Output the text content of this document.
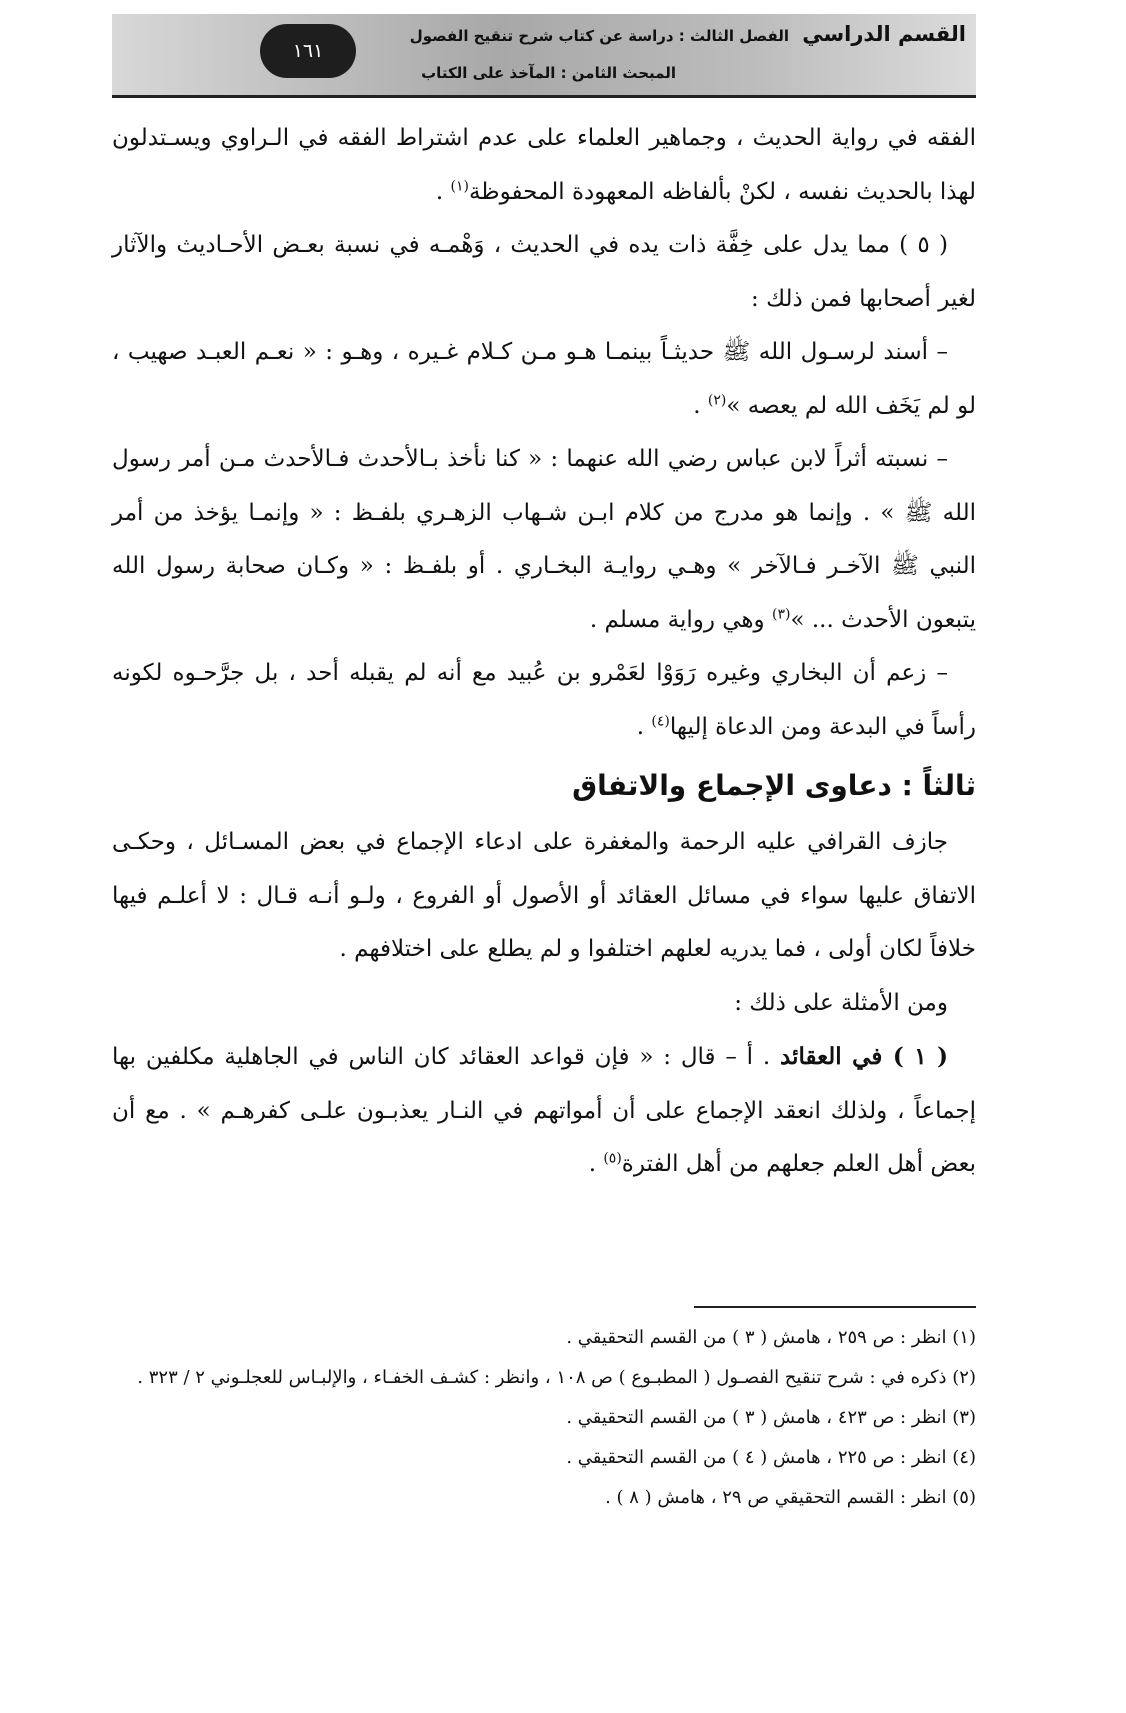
١٦١
القسم الدراسي الفصل الثالث : دراسة عن كتاب شرح تنقيح الفصول
المبحث الثامن : المآخذ على الكتاب

الفقه في رواية الحديث ، وجماهير العلماء على عدم اشتراط الفقه في الـراوي ويسـتدلون لهذا بالحديث نفسه ، لكنْ بألفاظه المعهودة المحفوظة$^{(١)}$ .

( ٥ ) مما يدل على خِفَّة ذات يده في الحديث ، وَهْمـه في نسبة بعـض الأحـاديث والآثار لغير أصحابها فمن ذلك :

– أسند لرسـول الله ﷺ حديثـاً بينمـا هـو مـن كـلام غـيره ، وهـو : « نعـم العبـد صهيب ، لو لم يَخَف الله لم يعصه »$^{(٢)}$ .

– نسبته أثراً لابن عباس رضي الله عنهما : « كنا نأخذ بـالأحدث فـالأحدث مـن أمر رسول الله ﷺ » . وإنما هو مدرج من كلام ابـن شـهاب الزهـري بلفـظ : « وإنمـا يؤخذ من أمر النبي ﷺ الآخـر فـالآخر » وهـي روايـة البخـاري . أو بلفـظ : « وكـان صحابة رسول الله يتبعون الأحدث ... »$^{(٣)}$ وهي رواية مسلم .

– زعم أن البخاري وغيره رَوَوْا لعَمْرو بن عُبيد مع أنه لم يقبله أحد ، بل جرَّحـوه لكونه رأساً في البدعة ومن الدعاة إليها$^{(٤)}$ .

ثالثاً : دعاوى الإجماع والاتفاق

جازف القرافي عليه الرحمة والمغفرة على ادعاء الإجماع في بعض المسـائل ، وحكـى الاتفاق عليها سواء في مسائل العقائد أو الأصول أو الفروع ، ولـو أنـه قـال : لا أعلـم فيها خلافاً لكان أولى ، فما يدريه لعلهم اختلفوا و لم يطلع على اختلافهم .

ومن الأمثلة على ذلك :

( ١ ) في العقائد . أ – قال : « فإن قواعد العقائد كان الناس في الجاهلية مكلفين بها إجماعاً ، ولذلك انعقد الإجماع على أن أمواتهم في النـار يعذبـون علـى كفرهـم » . مع أن بعض أهل العلم جعلهم من أهل الفترة$^{(٥)}$ .

(١) انظر : ص ٢٥٩ ، هامش ( ٣ ) من القسم التحقيقي .

(٢) ذكره في : شرح تنقيح الفصـول ( المطبـوع ) ص ١٠٨ ، وانظر : كشـف الخفـاء ، والإلبـاس للعجلـوني ٢ / ٣٢٣ .

(٣) انظر : ص ٤٢٣ ، هامش ( ٣ ) من القسم التحقيقي .

(٤) انظر : ص ٢٢٥ ، هامش ( ٤ ) من القسم التحقيقي .

(٥) انظر : القسم التحقيقي ص ٢٩ ، هامش ( ٨ ) .
